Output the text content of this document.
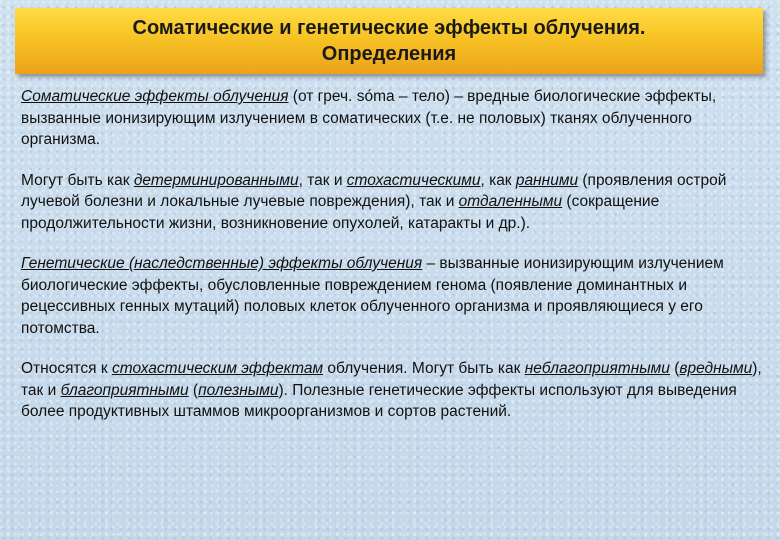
Соматические и генетические эффекты облучения.
Определения

Соматические эффекты облучения (от греч. sо́ma – тело) – вредные биологические эффекты, вызванные ионизирующим излучением в соматических (т.е. не половых) тканях облученного организма.

Могут быть как детерминированными, так и стохастическими, как ранними (проявления острой лучевой болезни и локальные лучевые повреждения), так и отдаленными (сокращение продолжительности жизни, возникновение опухолей, катаракты и др.).

Генетические (наследственные) эффекты облучения – вызванные ионизирующим излучением биологические эффекты, обусловленные повреждением генома (появление доминантных и рецессивных генных мутаций) половых клеток облученного организма и проявляющиеся у его потомства.

Относятся к стохастическим эффектам облучения. Могут быть как неблагоприятными (вредными), так и благоприятными (полезными). Полезные генетические эффекты используют для выведения более продуктивных штаммов микроорганизмов и сортов растений.
